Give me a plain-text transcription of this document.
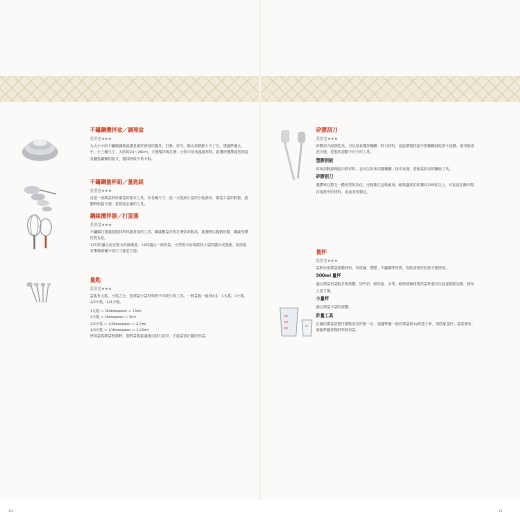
不鏽鋼攪拌盆／調理盆
重要度★★★
大大小小的不鏽鋼調理盆總是最常使用的器具，打發、拌匀、隔水加熱都少不了它。建議準備大、中、小三種尺寸，大的約24～28cm，方便攪拌與打發；小的可用來盛裝材料。挑選時選擇盆底與盆身圓弧順暢的款式，攪拌時較不易卡料。
不鏽鋼量杯組／量匙組
重要度★★★
這是一套測量材料重量的基本工具，有各種尺寸，從一大匙到少量的小匙都有，測量少量的粉類、液體時相當方便，是烘焙必備的工具。
鋼絲攪拌器／打蛋器
重要度★★★
不鏽鋼打蛋器是攪拌材料最常用的工具，鋼絲數量多的打發效率較高。挑選時以握柄好握、鋼絲有彈性的為佳。
12吋的適合用在較大的調理盆，10吋適合一般份量，小型的可用來攪拌少量的醬汁或蛋液，依照需求準備兩種不同尺寸會更方便。
量匙
重要度★★★
量匙有大匙、小匙之分，是測量少量材料時不可缺少的工具。一般量匙一組有4支：1大匙、1小匙、1/2小匙、1/4小匙。
1大匙 = 1tablespoon = 15ml
1小匙 = 1teaspoon = 5ml
1/2小匙 = 1/2teaspoon = 2.5ml
1/4小匙 = 1/4teaspoon = 1.25ml
使用量匙測量粉類時，需將量匙裝滿後用刮刀刮平，才能量得正確的份量。
10
矽膠刮刀
重要度★★★
矽膠刮刀耐熱性高，可以用來攪拌麵糊、拌匀材料，也能將攪拌盆中的麵糊刮乾淨不浪費。使用後清洗方便，是製作甜點不可少的工具。
塑膠刮板
用來刮除調理盆內的材料，也可以用來切割麵團、抹平表面，是相當好用的輔助工具。
矽膠刮刀
選擇時以整支一體成型的為佳，比較衛生也較耐用。耐熱溫度約在攝氏200度以上，可直接在鍋中攪拌加熱中的材料，用途非常廣泛。
量杯
重要度★★★
量杯用來測量液體材料，有玻璃、塑膠、不鏽鋼等材質，刻度清楚的比較方便使用。
500ml 量杯
適合測量份量較多的液體，如牛奶、鮮奶油、水等。耐熱玻璃材質的量杯還可以直接微波加熱，使用上更方便。
小量杯
適合測量少量的液體。
計量工具
正確的測量是製作甜點成功的第一步，建議準備一個可測量到1g的電子秤，再搭配量杯、量匙使用，就能準確掌握材料的份量。
11
